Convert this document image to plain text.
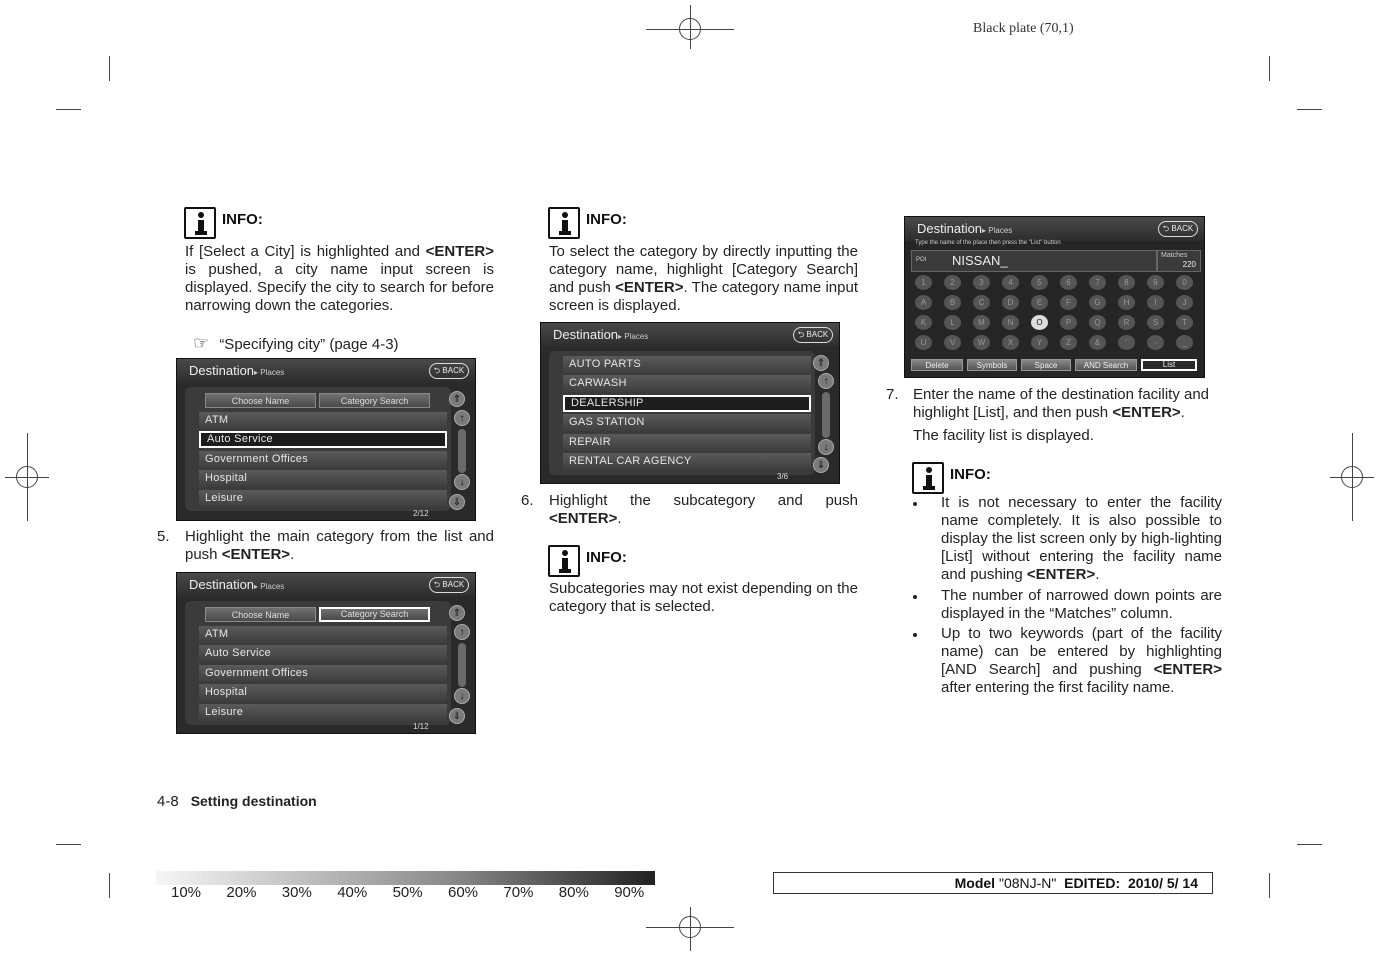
Black plate (70,1)
INFO:
If [Select a City] is highlighted and <ENTER> is pushed, a city name input screen is displayed. Specify the city to search for before narrowing down the categories.
☞ “Specifying city” (page 4-3)
Destination▸ Places	⮌ BACK
Choose Name	Category Search
ATM
Auto Service
Government Offices
Hospital
Leisure
⇑
↑
↓
⇓
2/12
5. Highlight the main category from the list and push <ENTER>.
Destination▸ Places	⮌ BACK
Choose Name	Category Search
ATM
Auto Service
Government Offices
Hospital
Leisure
⇑
↑
↓
⇓
1/12
INFO:
To select the category by directly inputting the category name, highlight [Category Search] and push <ENTER>. The category name input screen is displayed.
Destination▸ Places	⮌ BACK
AUTO PARTS
CARWASH
DEALERSHIP
GAS STATION
REPAIR
RENTAL CAR AGENCY
⇑
↑
↓
⇓
3/6
6. Highlight the subcategory and push
<ENTER>.
INFO:
Subcategories may not exist depending on the category that is selected.
Destination▸ Places	⮌ BACK
Type the name of the place then press the "List" button
POI NISSAN_	Matches
220
1	2	3	4	5	6	7	8	9	0
A	B	C	D	E	F	G	H	I	J
K	L	M	N	O	P	Q	R	S	T
U	V	W	X	Y	Z	&	'	-	_
Delete	Symbols	Space	AND Search	List
7. Enter the name of the destination facility and highlight [List], and then push <ENTER>.
The facility list is displayed.
INFO:
It is not necessary to enter the facility name completely. It is also possible to display the list screen only by high-lighting [List] without entering the facility name and pushing <ENTER>.
The number of narrowed down points are displayed in the “Matches” column.
Up to two keywords (part of the facility name) can be entered by highlighting [AND Search] and pushing <ENTER> after entering the first facility name.
4-8 Setting destination
10% 20% 30% 40% 50% 60% 70% 80% 90%
Model "08NJ-N" EDITED: 2010/ 5/ 14
